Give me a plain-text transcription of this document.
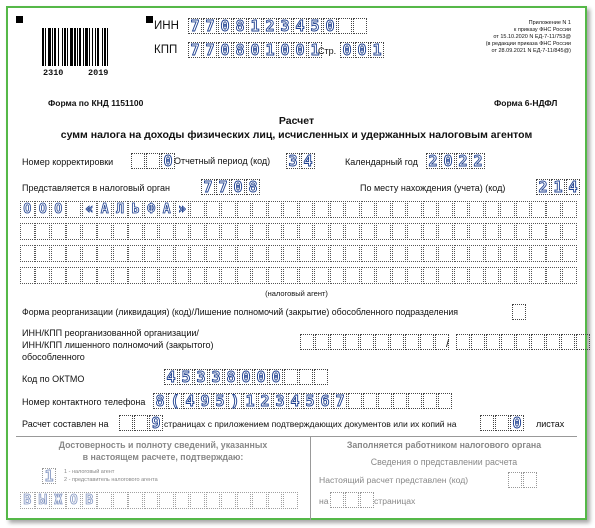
2310	2019
ИНН 7 7 0 8 1 2 3 4 5 0
КПП 7 7 0 8 0 1 0 0 1
Стр. 0 0 1
Приложение N 1
к приказу ФНС России
от 15.10.2020 N ЕД-7-11/753@
(в редакции приказа ФНС России
от 28.09.2021 N ЕД-7-11/845@)
Форма по КНД 1151100	Форма 6-НДФЛ
Расчет
сумм налога на доходы физических лиц, исчисленных и удержанных налоговым агентом
Номер корректировки	0 Отчетный период (код) 3 4	Календарный год 2 0 2 2
Представляется в налоговый орган 7 7 0 8	По месту нахождения (учета) (код) 2 1 4
О О О « А Л Ь Ф А »
(налоговый агент)
Форма реорганизации (ликвидация) (код)/Лишение полномочий (закрытие) обособленного подразделения
ИНН/КПП реорганизованной организации/
ИНН/КПП лишенного полномочий (закрытого)
обособленного
/
Код по ОКТМО	4 5 3 3 8 0 0 0
Номер контактного телефона 8 ( 4 9 5 ) 1 2 3 4 5 6 7
Расчет составлен на	9 страницах с приложением подтверждающих документов или их копий на	0 листах
Достоверность и полноту сведений, указанных
в настоящем расчете, подтверждаю:
1	1 - налоговый агент
2 - представитель налогового агента
В Ы Ж О В
Заполняется работником налогового органа
Сведения о представлении расчета
Настоящий расчет представлен (код)
на	страницах
